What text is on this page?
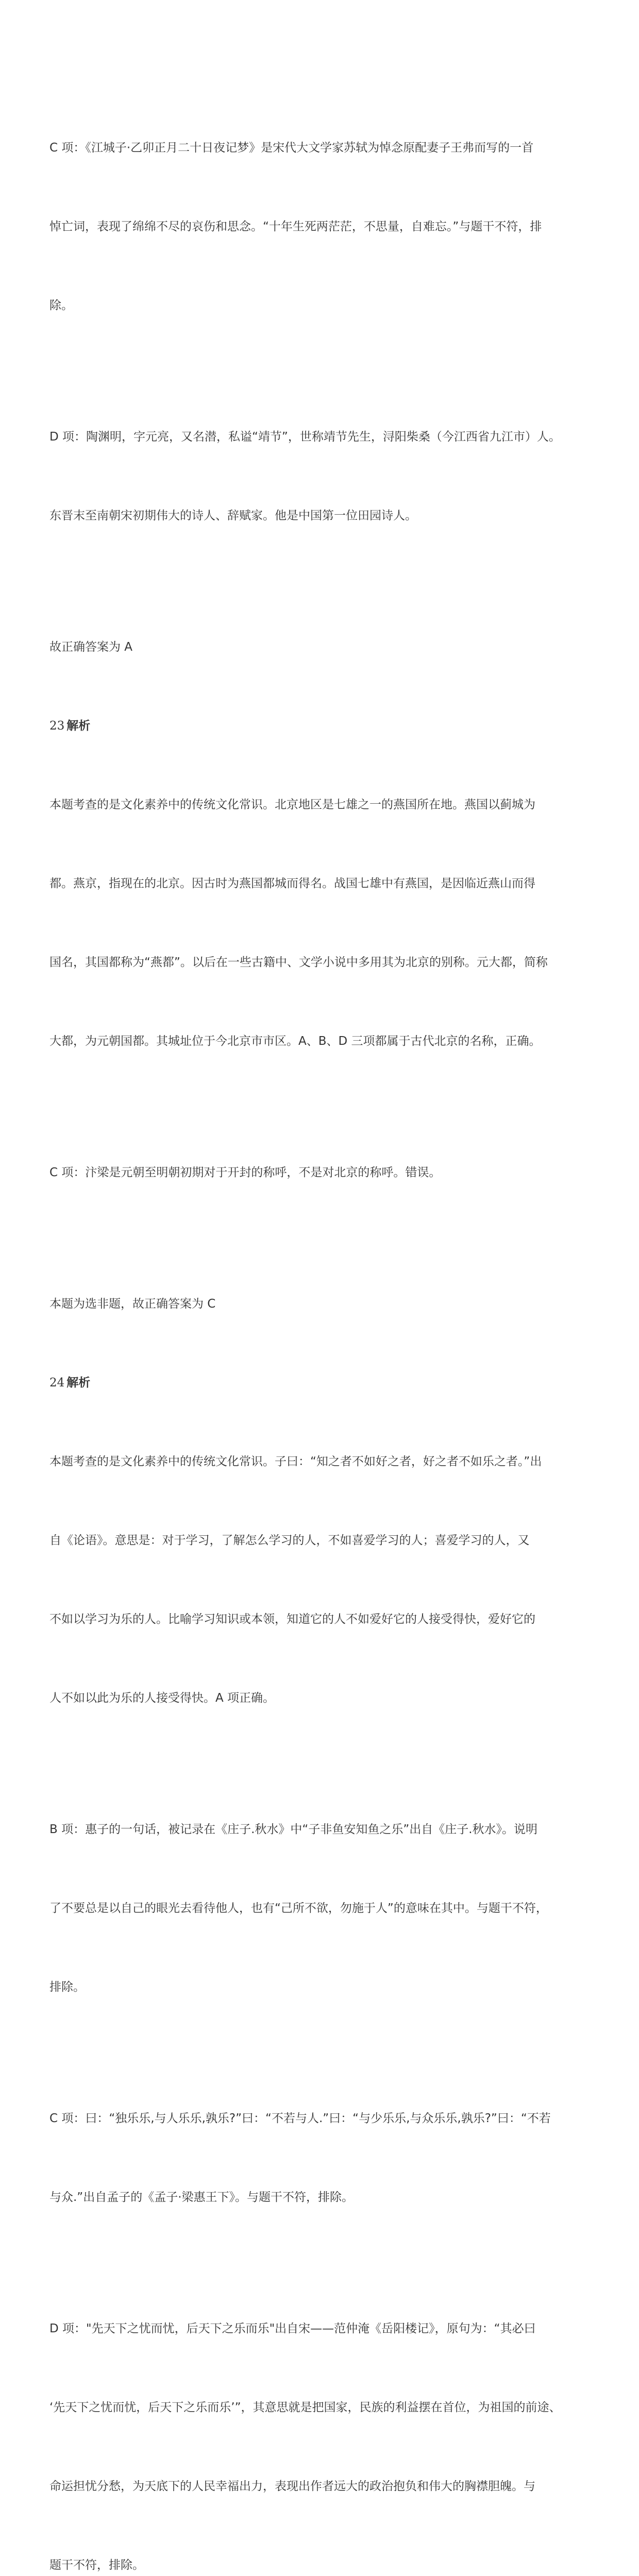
C 项：《江城子·乙卯正月二十日夜记梦》是宋代大文学家苏轼为悼念原配妻子王弗而写的一首

悼亡词，表现了绵绵不尽的哀伤和思念。“十年生死两茫茫，不思量，自难忘。”与题干不符，排

除。

D 项：陶渊明，字元亮，又名潜，私谥“靖节”，世称靖节先生，浔阳柴桑（今江西省九江市）人。

东晋末至南朝宋初期伟大的诗人、辞赋家。他是中国第一位田园诗人。

故正确答案为 A

23 解析

本题考查的是文化素养中的传统文化常识。北京地区是七雄之一的燕国所在地。燕国以蓟城为

都。燕京，指现在的北京。因古时为燕国都城而得名。战国七雄中有燕国，是因临近燕山而得

国名，其国都称为“燕都”。以后在一些古籍中、文学小说中多用其为北京的别称。元大都，简称

大都，为元朝国都。其城址位于今北京市市区。A、B、D 三项都属于古代北京的名称，正确。

C 项：汴梁是元朝至明朝初期对于开封的称呼，不是对北京的称呼。错误。

本题为选非题，故正确答案为 C

24 解析

本题考查的是文化素养中的传统文化常识。子曰：“知之者不如好之者，好之者不如乐之者。”出

自《论语》。意思是：对于学习，了解怎么学习的人，不如喜爱学习的人；喜爱学习的人，又

不如以学习为乐的人。比喻学习知识或本领，知道它的人不如爱好它的人接受得快，爱好它的

人不如以此为乐的人接受得快。A 项正确。

B 项：惠子的一句话，被记录在《庄子.秋水》中“子非鱼安知鱼之乐”出自《庄子.秋水》。说明

了不要总是以自己的眼光去看待他人，也有“己所不欲，勿施于人”的意味在其中。与题干不符，

排除。

C 项：曰：“独乐乐,与人乐乐,孰乐?”曰：“不若与人.”曰：“与少乐乐,与众乐乐,孰乐?”曰：“不若

与众.”出自孟子的《孟子·梁惠王下》。与题干不符，排除。

D 项："先天下之忧而忧，后天下之乐而乐"出自宋——范仲淹《岳阳楼记》，原句为：“其必曰

‘先天下之忧而忧，后天下之乐而乐’”，其意思就是把国家，民族的利益摆在首位，为祖国的前途、

命运担忧分愁，为天底下的人民幸福出力，表现出作者远大的政治抱负和伟大的胸襟胆魄。与

题干不符，排除。
